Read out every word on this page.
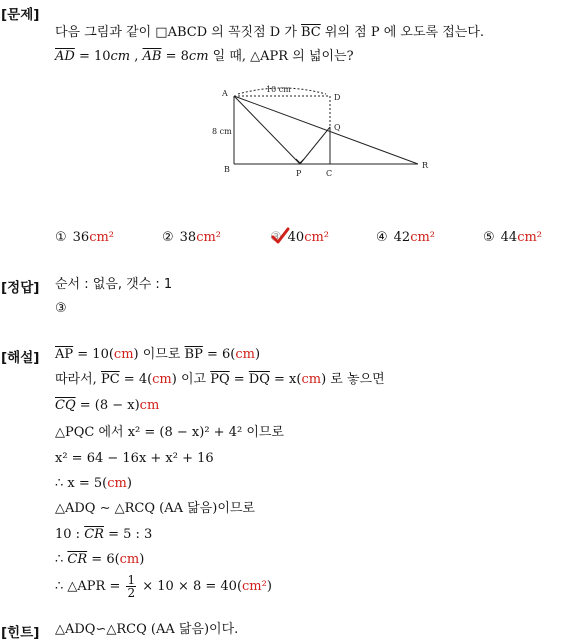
[문제]
다음 그림과 같이 □ABCD 의 꼭짓점 D 가 $\overline{BC}$ 위의 점 P 에 오도록 접는다.
$\overline{AD} = 10cm$ , $\overline{AB} = 8cm$ 일 때, △APR 의 넓이는?
A
B	C
D
P
Q
R
10 cm
8 cm
① 36cm²	② 38cm²	③ 40cm²	④ 42cm²	⑤ 44cm²
[정답] 순서 : 없음, 갯수 : 1
③
[해설] $\overline{AP} = 10(cm)$ 이므로 $\overline{BP} = 6(cm)$
따라서, $\overline{PC} = 4(cm)$ 이고 $\overline{PQ} = \overline{DQ} = x(cm)$ 로 놓으면
$\overline{CQ} = (8 - x)cm$
△PQC 에서 x² = (8 − x)² + 4² 이므로
x² = 64 − 16x + x² + 16
∴ x = 5(cm)
△ADQ ∼ △RCQ (AA 닮음)이므로
10 : $\overline{CR} = 5$ : 3
∴ $\overline{CR} = 6(cm)$
∴ △APR = $\frac{1}{2} \times 10 \times 8 = 40(cm^2)$
[힌트] △ADQ∽△RCQ (AA 닮음)이다.
